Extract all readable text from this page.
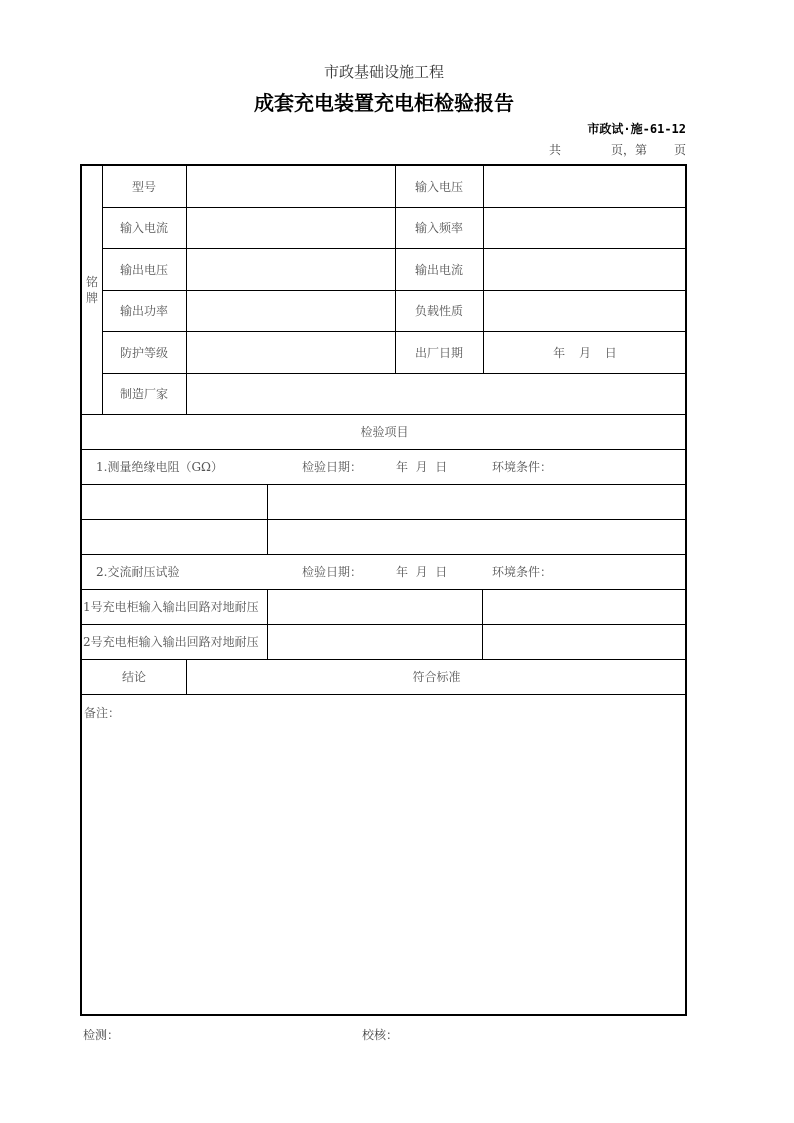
市政基础设施工程
成套充电装置充电柜检验报告
市政试·施-61-12
共	页，第 页
铭牌
型号	输入电压
输入电流	输入频率
输出电压	输出电流
输出功率	负载性质
防护等级	出厂日期	年 月 日
制造厂家
检验项目
1.测量绝缘电阻（GΩ）	检验日期：	年  月  日	环境条件：
2.交流耐压试验	检验日期：	年  月  日	环境条件：
1号充电柜输入输出回路对地耐压
2号充电柜输入输出回路对地耐压
结论	符合标准
备注：
检测：	校核：
